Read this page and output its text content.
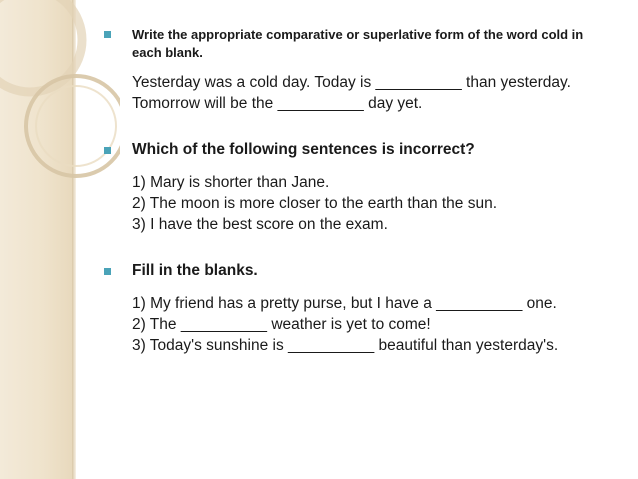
Write the appropriate comparative or superlative form of the word cold in each blank.
Yesterday was a cold day. Today is __________ than yesterday.
Tomorrow will be the __________ day yet.
Which of the following sentences is incorrect?
1) Mary is shorter than Jane.
2) The moon is more closer to the earth than the sun.
3) I have the best score on the exam.
Fill in the blanks.
1) My friend has a pretty purse, but I have a __________ one.
2) The __________ weather is yet to come!
3) Today's sunshine is __________ beautiful than yesterday's.
